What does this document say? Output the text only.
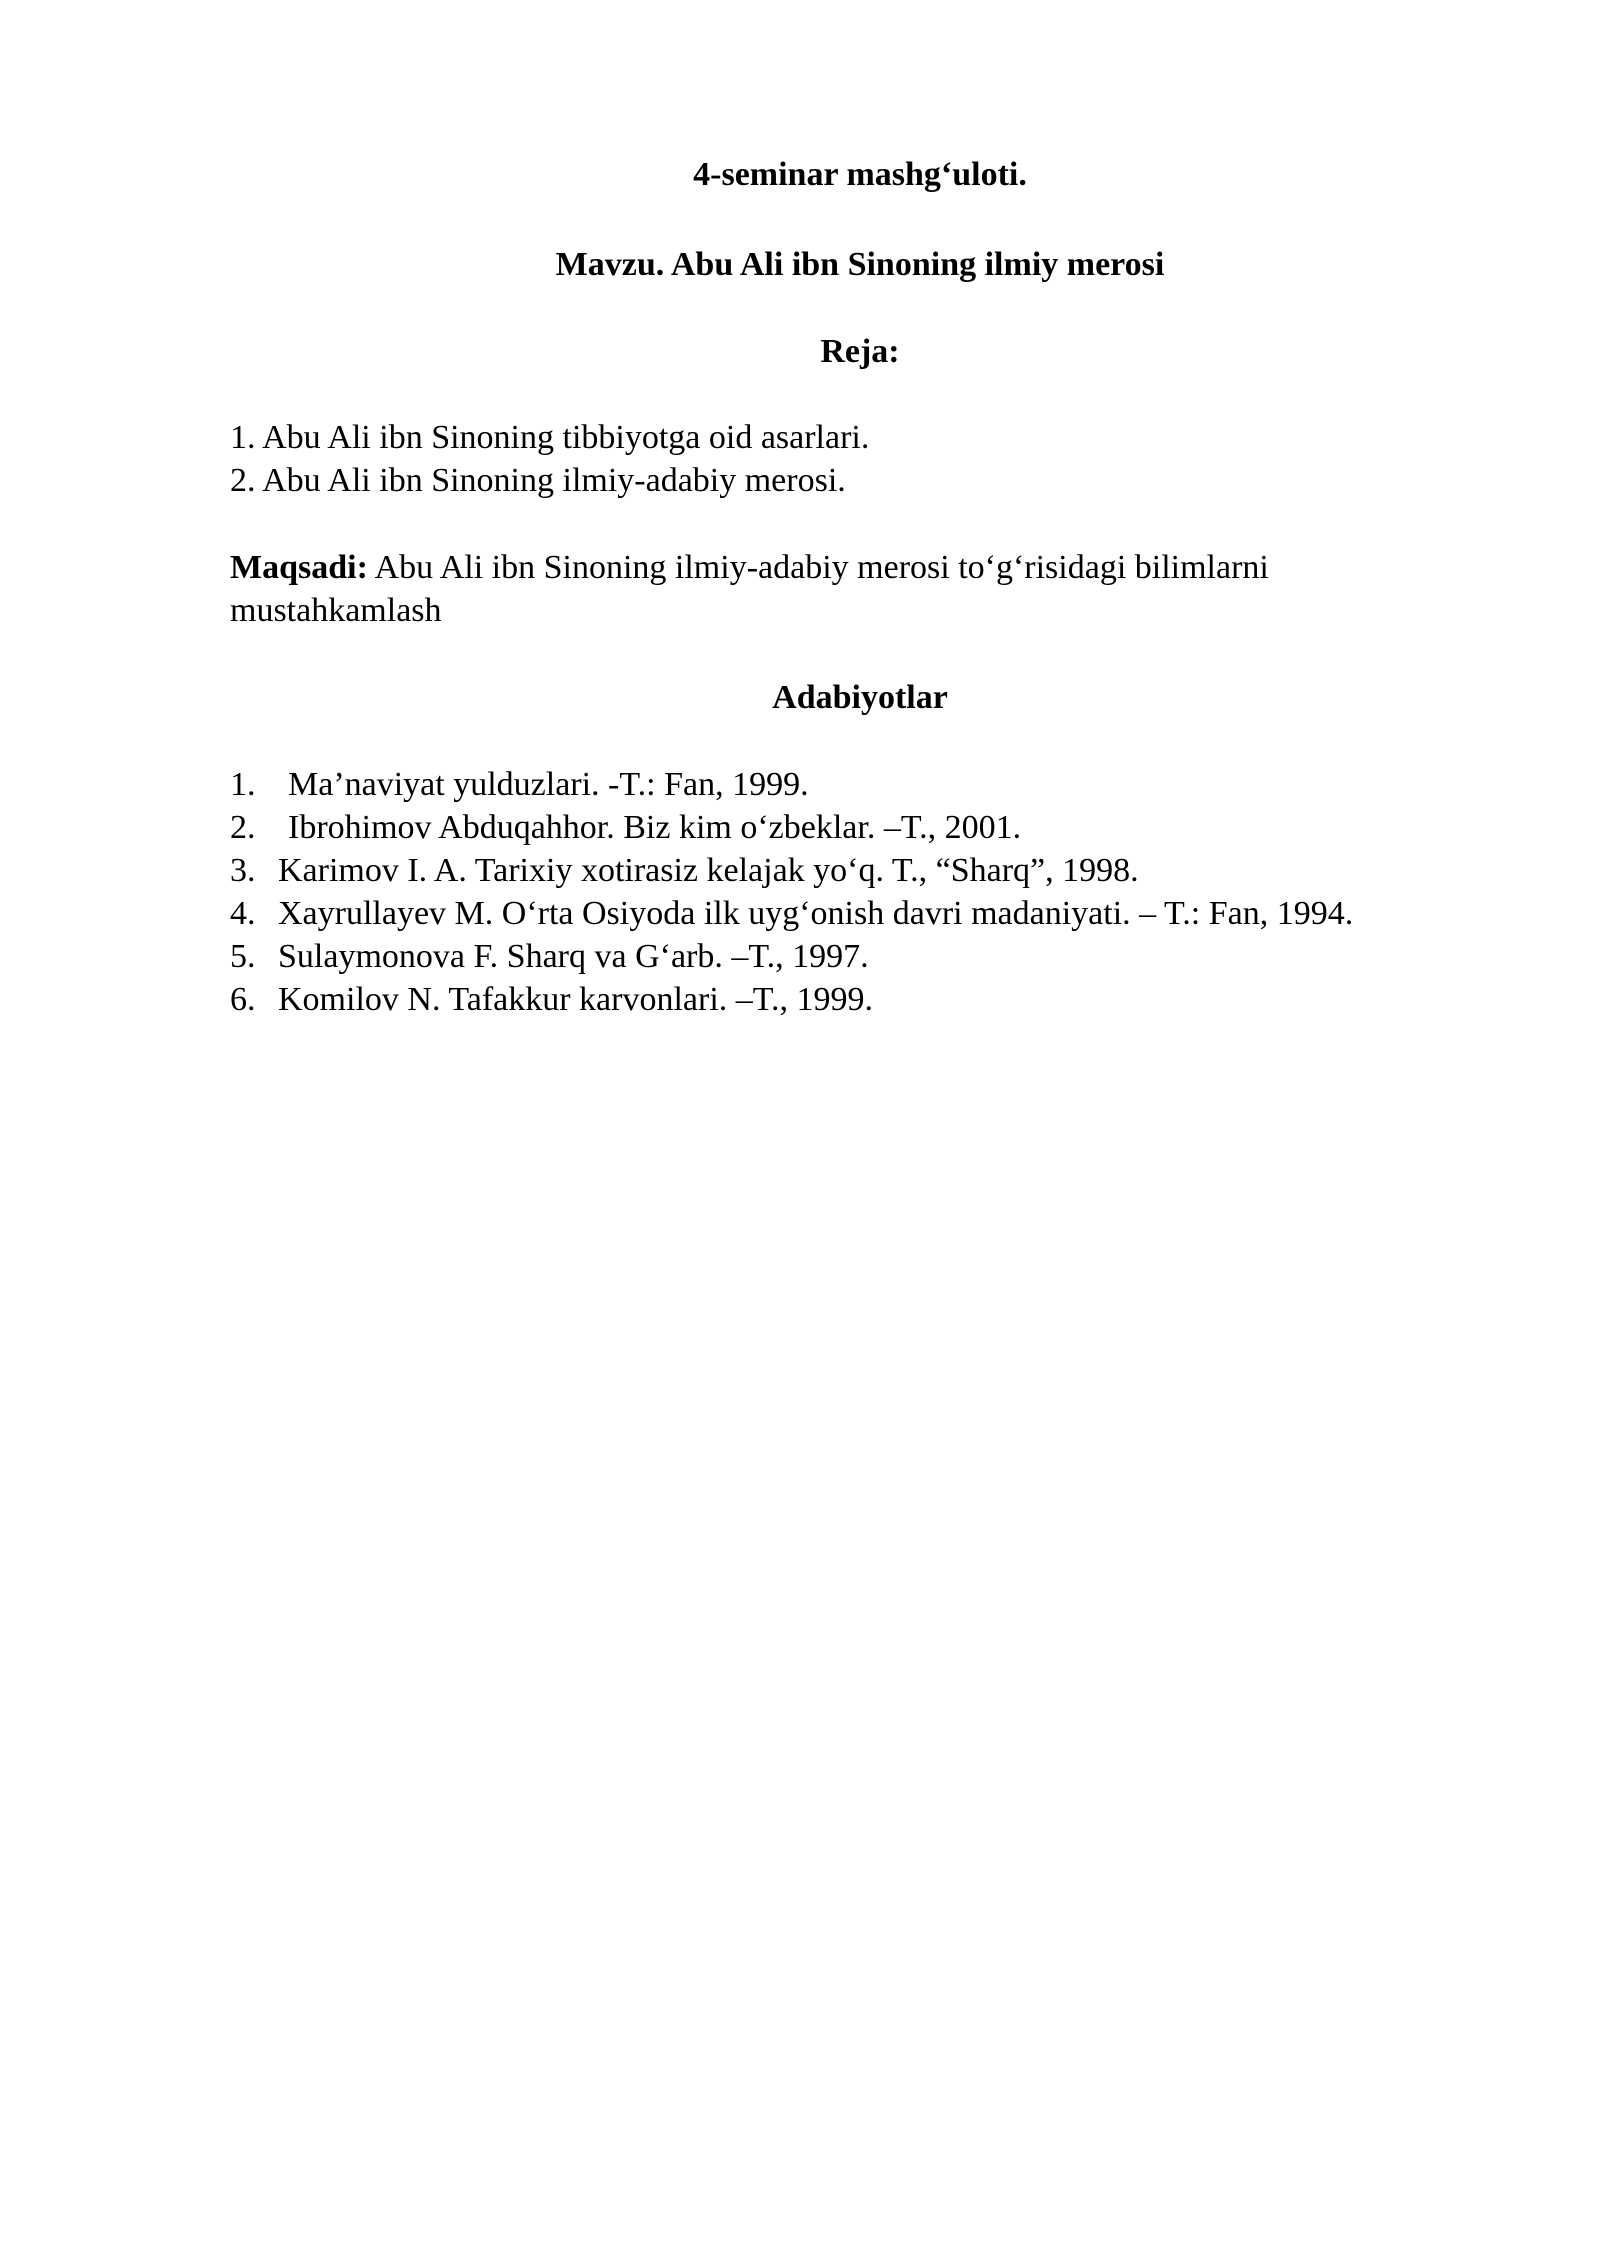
4-seminar mashg‘uloti.
Mavzu. Abu Ali ibn Sinoning ilmiy merosi
Reja:
1. Abu Ali ibn Sinoning tibbiyotga oid asarlari.
2. Abu Ali ibn Sinoning ilmiy-adabiy merosi.
Maqsadi: Abu Ali ibn Sinoning ilmiy-adabiy merosi to‘g‘risidagi bilimlarni
mustahkamlash
Adabiyotlar
1. Ma’naviyat yulduzlari. -T.: Fan, 1999.
2. Ibrohimov Abduqahhor. Biz kim o‘zbeklar. –T., 2001.
3. Karimov I. A. Tarixiy xotirasiz kelajak yo‘q. T., “Sharq”, 1998.
4. Xayrullayev M. O‘rta Osiyoda ilk uyg‘onish davri madaniyati. – T.: Fan, 1994.
5. Sulaymonova F. Sharq va G‘arb. –T., 1997.
6. Komilov N. Tafakkur karvonlari. –T., 1999.
